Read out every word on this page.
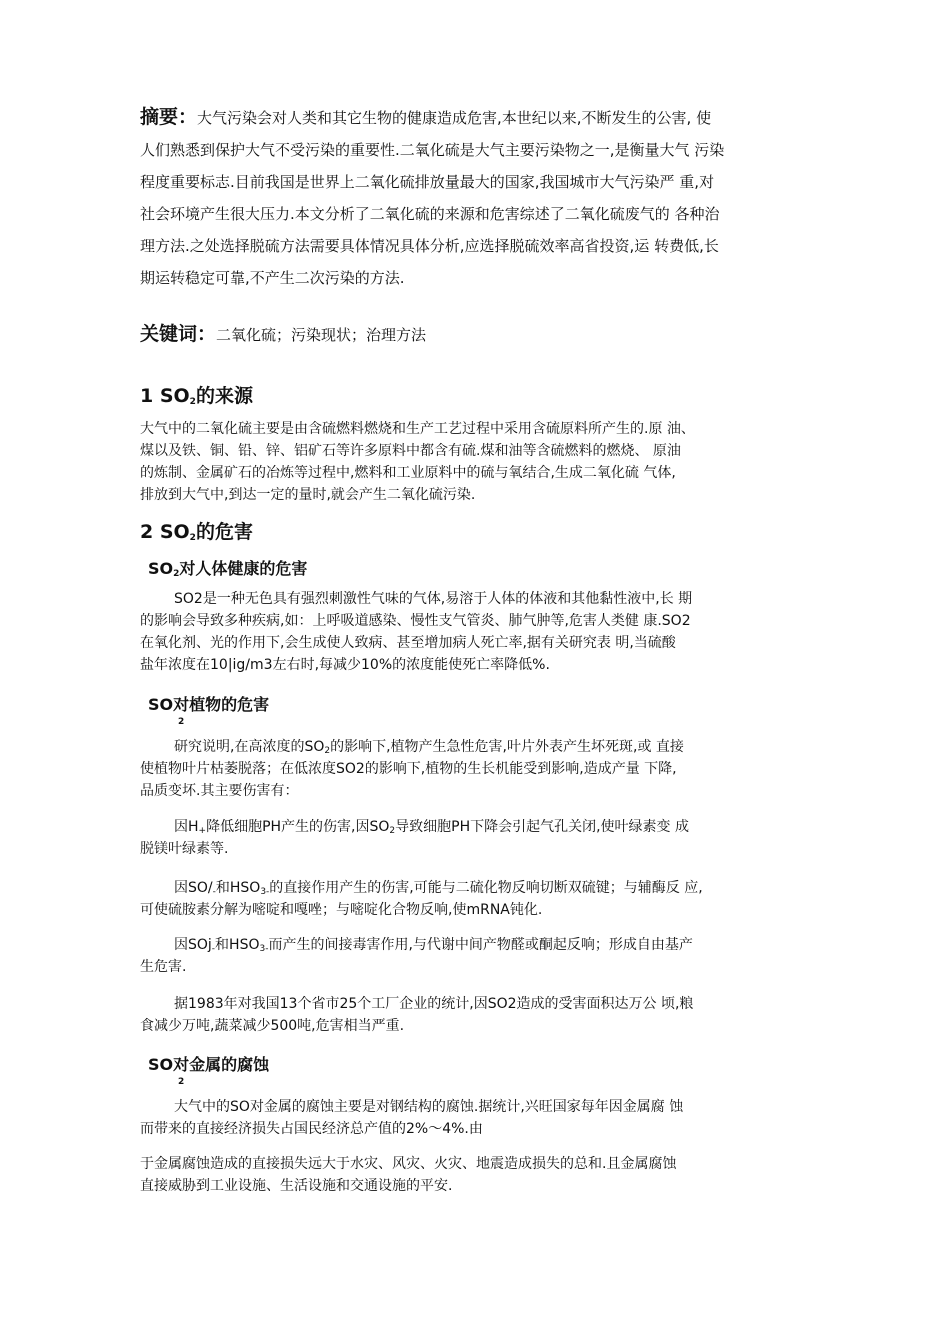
摘要：大气污染会对人类和其它生物的健康造成危害,本世纪以来,不断发生的公害, 使
人们熟悉到保护大气不受污染的重要性.二氧化硫是大气主要污染物之一,是衡量大气 污染
程度重要标志.目前我国是世界上二氧化硫排放量最大的国家,我国城市大气污染严 重,对
社会环境产生很大压力.本文分析了二氧化硫的来源和危害综述了二氧化硫废气的 各种治
理方法.之处选择脱硫方法需要具体情况具体分析,应选择脱硫效率高省投资,运 转费低,长
期运转稳定可靠,不产生二次污染的方法.
关键词：二氧化硫；污染现状；治理方法
1 $SO_2$的来源
大气中的二氧化硫主要是由含硫燃料燃烧和生产工艺过程中采用含硫原料所产生的.原 油、
煤以及铁、铜、铅、锌、铝矿石等许多原料中都含有硫.煤和油等含硫燃料的燃烧、 原油
的炼制、金属矿石的冶炼等过程中,燃料和工业原料中的硫与氧结合,生成二氧化硫 气体,
排放到大气中,到达一定的量时,就会产生二氧化硫污染.
2 $SO_2$的危害
$SO_2$对人体健康的危害
SO2是一种无色具有强烈刺激性气味的气体,易溶于人体的体液和其他黏性液中,长 期
的影响会导致多种疾病,如：上呼吸道感染、慢性支气管炎、肺气肿等,危害人类健 康.SO2
在氧化剂、光的作用下,会生成使人致病、甚至增加病人死亡率,据有关研究表 明,当硫酸
盐年浓度在10|ig/m3左右时,每减少10%的浓度能使死亡率降低%.
SO对植物的危害
2
研究说明,在高浓度的$SO_2$的影响下,植物产生急性危害,叶片外表产生坏死斑,或 直接
使植物叶片枯萎脱落；在低浓度SO2的影响下,植物的生长机能受到影响,造成产量 下降,
品质变坏.其主要伤害有：
因$H_+$降低细胞PH产生的伤害,因$SO_2$导致细胞PH下降会引起气孔关闭,使叶绿素变 成
脱镁叶绿素等.
因$SO/_-$和$HSO_{3-}$的直接作用产生的伤害,可能与二硫化物反响切断双硫键；与辅酶反 应,
可使硫胺素分解为嘧啶和嘎唑；与嘧啶化合物反响,使mRNA钝化.
因SOj$_-$和$HSO_{3-}$而产生的间接毒害作用,与代谢中间产物醛或酮起反响；形成自由基产
生危害.
据1983年对我国13个省市25个工厂企业的统计,因SO2造成的受害面积达万公 顷,粮
食减少万吨,蔬菜减少500吨,危害相当严重.
SO对金属的腐蚀
2
大气中的SO对金属的腐蚀主要是对钢结构的腐蚀.据统计,兴旺国家每年因金属腐 蚀
而带来的直接经济损失占国民经济总产值的2%〜4%.由
于金属腐蚀造成的直接损失远大于水灾、风灾、火灾、地震造成损失的总和.且金属腐蚀
直接威胁到工业设施、生活设施和交通设施的平安.
